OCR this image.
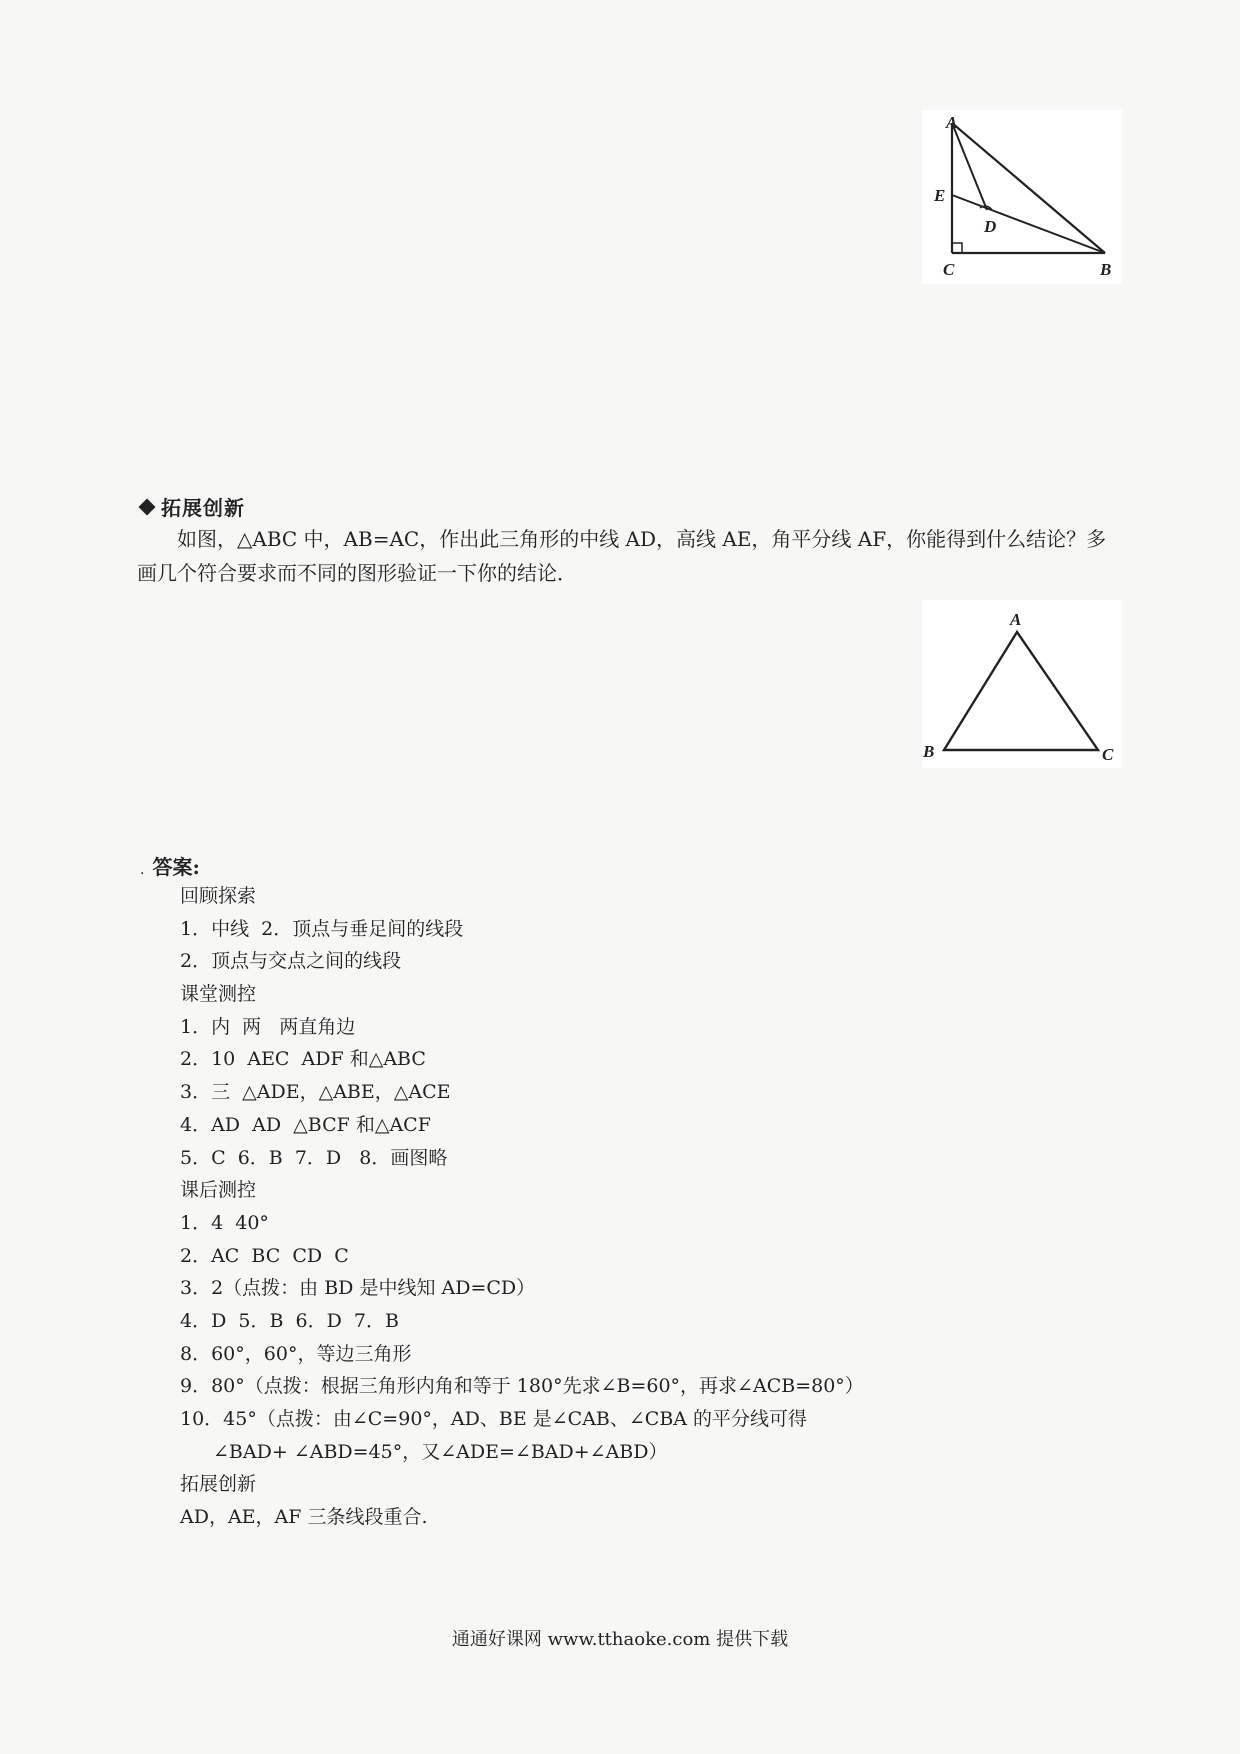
A
E
D
C	B
拓展创新

如图，△ABC 中，AB=AC，作出此三角形的中线 AD，高线 AE，角平分线 AF，你能得到什么结论？多

画几个符合要求而不同的图形验证一下你的结论．

A
B	C
. 答案:
回顾探索
1．中线  2．顶点与垂足间的线段
2．顶点与交点之间的线段
课堂测控
1．内  两   两直角边
2．10  AEC  ADF 和△ABC
3．三  △ADE，△ABE，△ACE
4．AD  AD  △BCF 和△ACF
5．C  6．B  7．D   8．画图略
课后测控
1．4  40°
2．AC  BC  CD  C
3．2（点拨：由 BD 是中线知 AD=CD）
4．D  5．B  6．D  7．B
8．60°，60°，等边三角形
9．80°（点拨：根据三角形内角和等于 180°先求∠B=60°，再求∠ACB=80°）
10．45°（点拨：由∠C=90°，AD、BE 是∠CAB、∠CBA 的平分线可得
∠BAD+ ∠ABD=45°，又∠ADE=∠BAD+∠ABD）
拓展创新
AD，AE，AF 三条线段重合.
通通好课网 www.tthaoke.com 提供下载
